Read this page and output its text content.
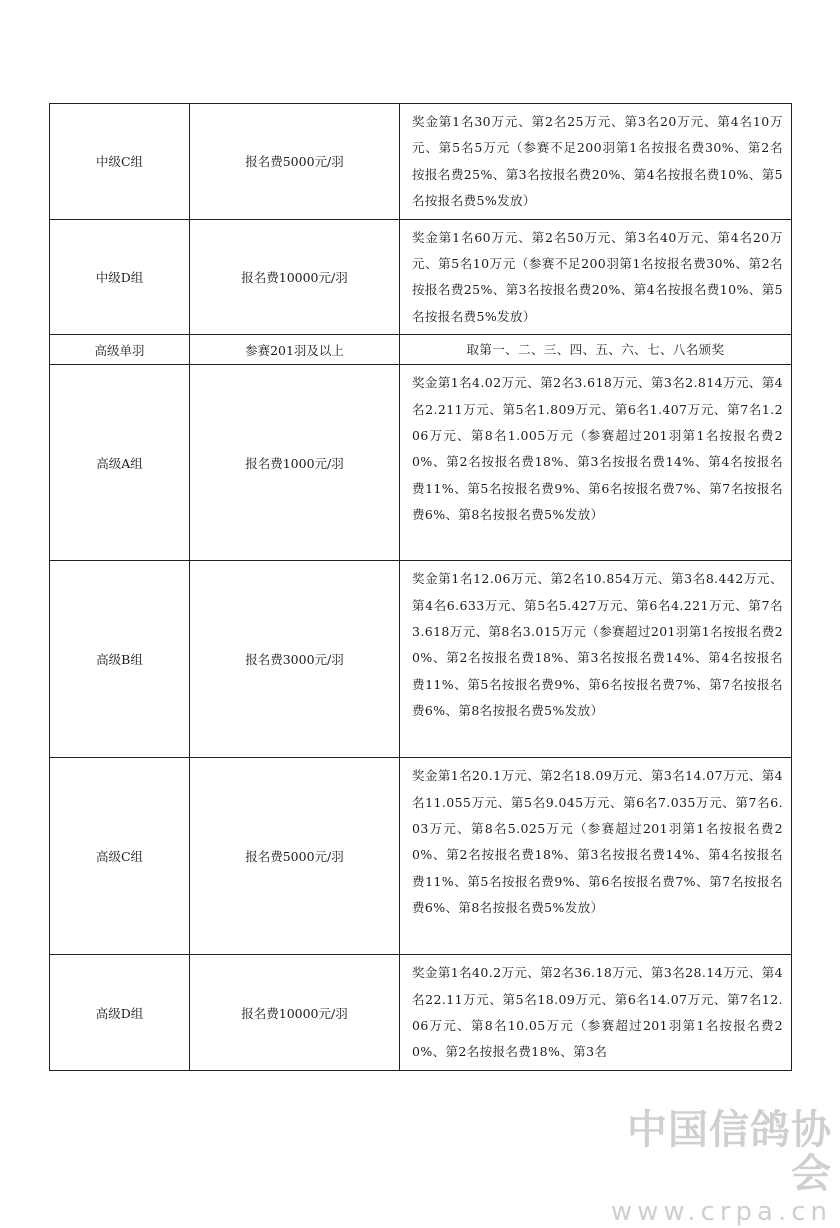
中级C组	报名费5000元/羽	奖金第1名30万元、第2名25万元、第3名20万元、第4名10万元、第5名5万元（参赛不足200羽第1名按报名费30%、第2名按报名费25%、第3名按报名费20%、第4名按报名费10%、第5名按报名费5%发放）
中级D组	报名费10000元/羽	奖金第1名60万元、第2名50万元、第3名40万元、第4名20万元、第5名10万元（参赛不足200羽第1名按报名费30%、第2名按报名费25%、第3名按报名费20%、第4名按报名费10%、第5名按报名费5%发放）
高级单羽	参赛201羽及以上	取第一、二、三、四、五、六、七、八名颁奖
高级A组	报名费1000元/羽	奖金第1名4.02万元、第2名3.618万元、第3名2.814万元、第4名2.211万元、第5名1.809万元、第6名1.407万元、第7名1.206万元、第8名1.005万元（参赛超过201羽第1名按报名费20%、第2名按报名费18%、第3名按报名费14%、第4名按报名费11%、第5名按报名费9%、第6名按报名费7%、第7名按报名费6%、第8名按报名费5%发放）
高级B组	报名费3000元/羽	奖金第1名12.06万元、第2名10.854万元、第3名8.442万元、第4名6.633万元、第5名5.427万元、第6名4.221万元、第7名3.618万元、第8名3.015万元（参赛超过201羽第1名按报名费20%、第2名按报名费18%、第3名按报名费14%、第4名按报名费11%、第5名按报名费9%、第6名按报名费7%、第7名按报名费6%、第8名按报名费5%发放）
高级C组	报名费5000元/羽	奖金第1名20.1万元、第2名18.09万元、第3名14.07万元、第4名11.055万元、第5名9.045万元、第6名7.035万元、第7名6.03万元、第8名5.025万元（参赛超过201羽第1名按报名费20%、第2名按报名费18%、第3名按报名费14%、第4名按报名费11%、第5名按报名费9%、第6名按报名费7%、第7名按报名费6%、第8名按报名费5%发放）
高级D组	报名费10000元/羽	奖金第1名40.2万元、第2名36.18万元、第3名28.14万元、第4名22.11万元、第5名18.09万元、第6名14.07万元、第7名12.06万元、第8名10.05万元（参赛超过201羽第1名按报名费20%、第2名按报名费18%、第3名
中国信鸽协会
www.crpa.cn
